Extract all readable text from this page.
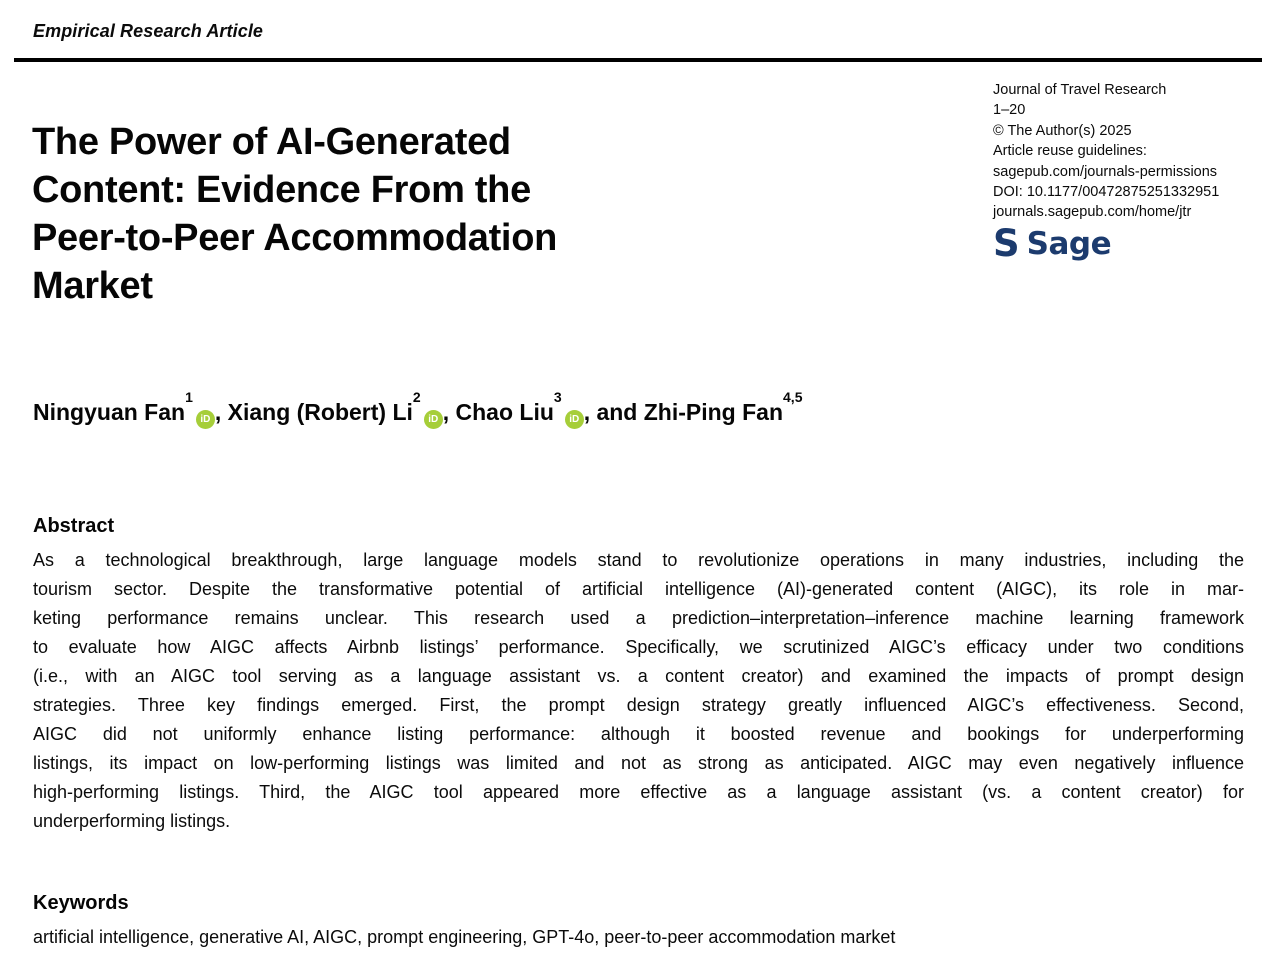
Empirical Research Article
The Power of AI-Generated
Content: Evidence From the
Peer-to-Peer Accommodation
Market
Journal of Travel Research
1–20
© The Author(s) 2025
Article reuse guidelines:
sagepub.com/journals-permissions
DOI: 10.1177/00472875251332951
journals.sagepub.com/home/jtr
S Sage
Ningyuan Fan$^1$iD , Xiang (Robert) Li$^2$iD , Chao Liu$^3$iD , and Zhi-Ping Fan$^{4,5}$
Abstract
As a technological breakthrough, large language models stand to revolutionize operations in many industries, including the
tourism sector. Despite the transformative potential of artificial intelligence (AI)-generated content (AIGC), its role in mar-
keting performance remains unclear. This research used a prediction–interpretation–inference machine learning framework
to evaluate how AIGC affects Airbnb listings’ performance. Specifically, we scrutinized AIGC’s efficacy under two conditions
(i.e., with an AIGC tool serving as a language assistant vs. a content creator) and examined the impacts of prompt design
strategies. Three key findings emerged. First, the prompt design strategy greatly influenced AIGC’s effectiveness. Second,
AIGC did not uniformly enhance listing performance: although it boosted revenue and bookings for underperforming
listings, its impact on low-performing listings was limited and not as strong as anticipated. AIGC may even negatively influence
high-performing listings. Third, the AIGC tool appeared more effective as a language assistant (vs. a content creator) for
underperforming listings.
Keywords
artificial intelligence, generative AI, AIGC, prompt engineering, GPT-4o, peer-to-peer accommodation market
